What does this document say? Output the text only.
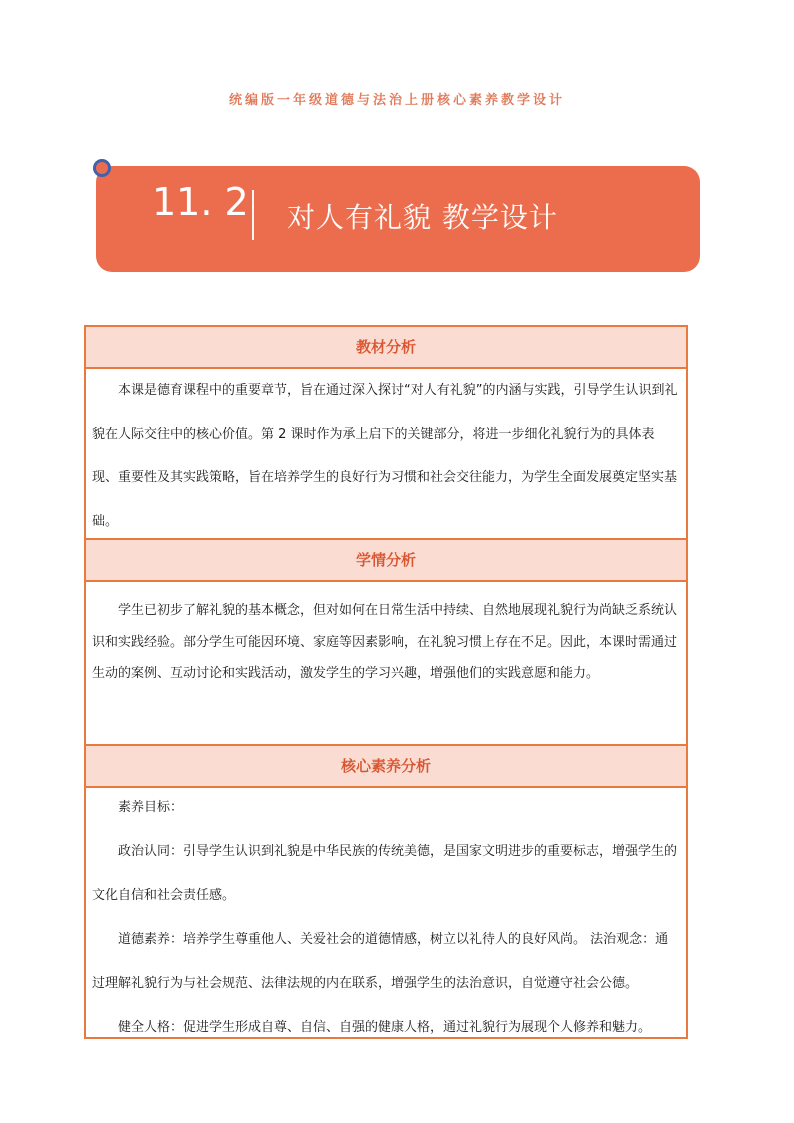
统编版一年级道德与法治上册核心素养教学设计
11. 2 对人有礼貌 教学设计
教材分析

本课是德育课程中的重要章节，旨在通过深入探讨“对人有礼貌”的内涵与实践，引导学生认识到礼貌在人际交往中的核心价值。第 2 课时作为承上启下的关键部分，将进一步细化礼貌行为的具体表现、重要性及其实践策略，旨在培养学生的良好行为习惯和社会交往能力，为学生全面发展奠定坚实基础。

学情分析

学生已初步了解礼貌的基本概念，但对如何在日常生活中持续、自然地展现礼貌行为尚缺乏系统认识和实践经验。部分学生可能因环境、家庭等因素影响，在礼貌习惯上存在不足。因此，本课时需通过生动的案例、互动讨论和实践活动，激发学生的学习兴趣，增强他们的实践意愿和能力。

核心素养分析

素养目标：

政治认同：引导学生认识到礼貌是中华民族的传统美德，是国家文明进步的重要标志，增强学生的文化自信和社会责任感。

道德素养：培养学生尊重他人、关爱社会的道德情感，树立以礼待人的良好风尚。 法治观念：通过理解礼貌行为与社会规范、法律法规的内在联系，增强学生的法治意识，自觉遵守社会公德。

健全人格：促进学生形成自尊、自信、自强的健康人格，通过礼貌行为展现个人修养和魅力。
